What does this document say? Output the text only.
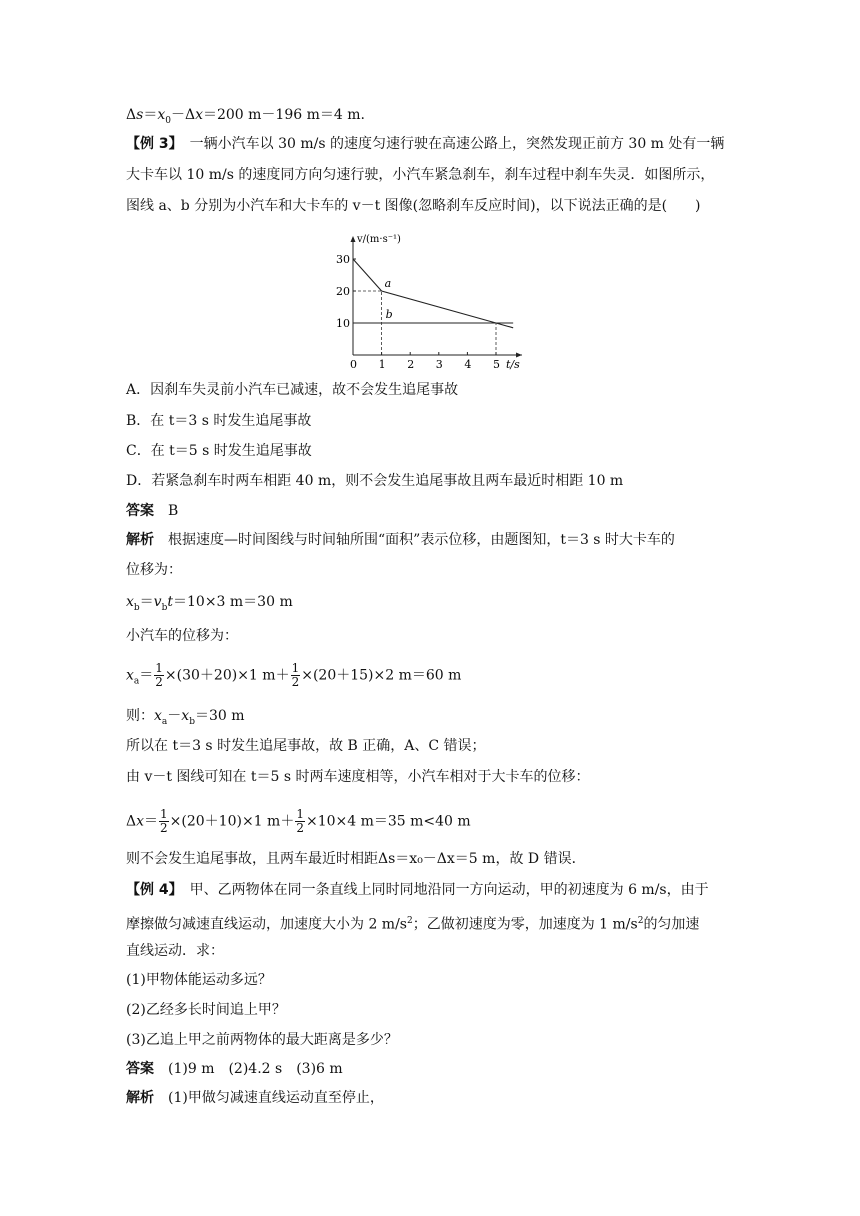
$\Delta s=x_0-\Delta x=200$ m－196 m＝4 m.
【例 3】　 一辆小汽车以 30 m/s 的速度匀速行驶在高速公路上，突然发现正前方 30 m 处有一辆
大卡车以 10 m/s 的速度同方向匀速行驶，小汽车紧急刹车，刹车过程中刹车失灵．如图所示，
图线 a、b 分别为小汽车和大卡车的 v－t 图像(忽略刹车反应时间)，以下说法正确的是(　　)
a
b
0 1 2 3 4 5
10
20
30
t/s
v/(m·s⁻¹)
A．因刹车失灵前小汽车已减速，故不会发生追尾事故
B．在 t＝3 s 时发生追尾事故
C．在 t＝5 s 时发生追尾事故
D．若紧急刹车时两车相距 40 m，则不会发生追尾事故且两车最近时相距 10 m
答案　 B
解析　 根据速度—时间图线与时间轴所围“面积”表示位移，由题图知，t＝3 s 时大卡车的
位移为：
$x_b=v_bt=10\times 3$ m＝30 m
小汽车的位移为：
$x_a= \frac{1}{2} \times(30+20)\times 1$ $m+ \frac{1}{2} \times(20+15)\times 2$ m＝60 m
则：$x_a-x_b=30$ m
所以在 t＝3 s 时发生追尾事故，故 B 正确，A、C 错误；
由 v－t 图线可知在 t＝5 s 时两车速度相等，小汽车相对于大卡车的位移：
$\Delta x= \frac{1}{2} \times(20+10)\times 1$ $m+ \frac{1}{2} \times 10\times 4$ m＝35 m<40 m
则不会发生追尾事故，且两车最近时相距Δs＝x₀－Δx＝5 m，故 D 错误．
【例 4】　 甲、乙两物体在同一条直线上同时同地沿同一方向运动，甲的初速度为 6 m/s，由于
摩擦做匀减速直线运动，加速度大小为 2 $m/s^2$；乙做初速度为零，加速度为 1 $m/s^2$的匀加速
直线运动．求：
(1)甲物体能运动多远？
(2)乙经多长时间追上甲？
(3)乙追上甲之前两物体的最大距离是多少？
答案　 (1)9 m　(2)4.2 s　(3)6 m
解析　 (1)甲做匀减速直线运动直至停止，
